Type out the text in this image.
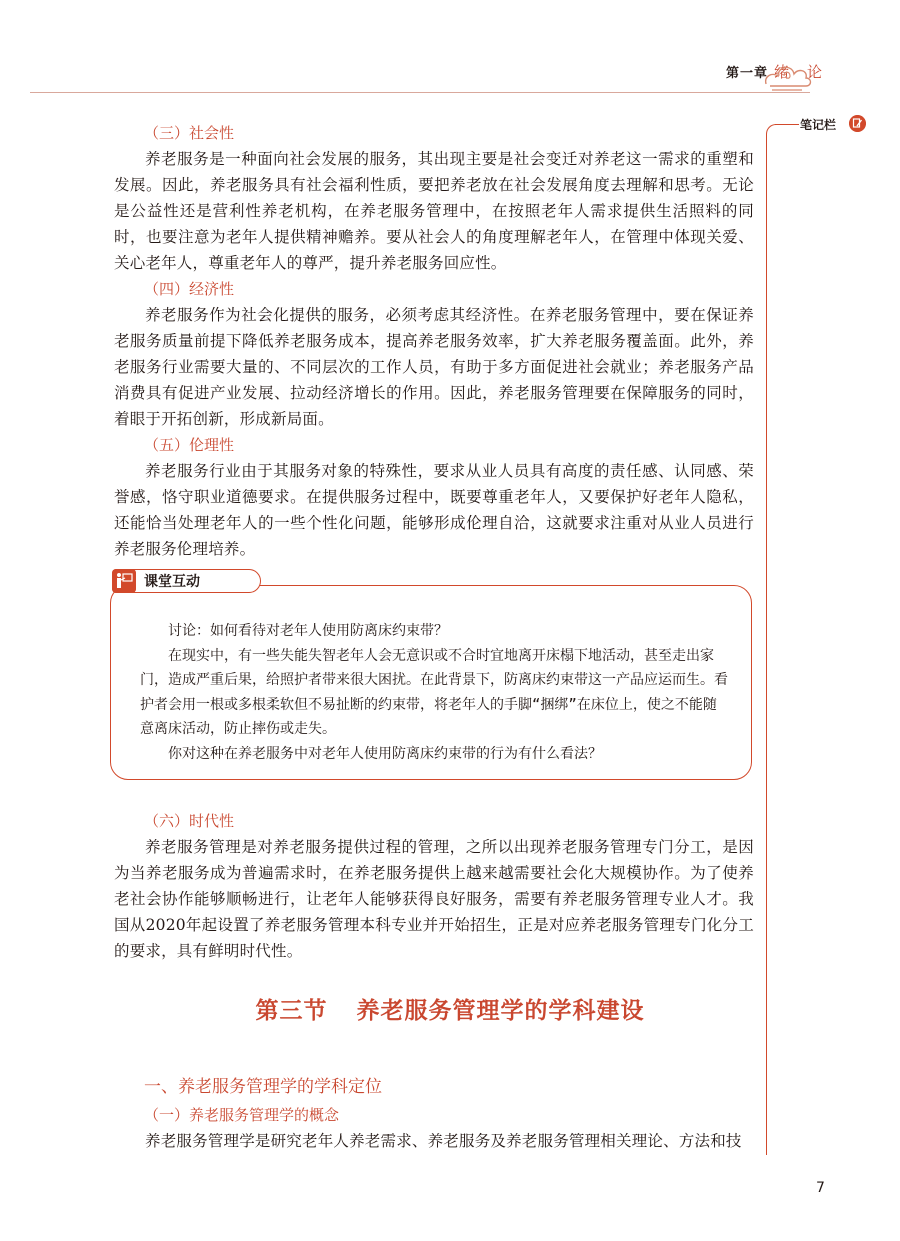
第一章 绪论
笔记栏

（三）社会性

养老服务是一种面向社会发展的服务，其出现主要是社会变迁对养老这一需求的重塑和发展。因此，养老服务具有社会福利性质，要把养老放在社会发展角度去理解和思考。无论是公益性还是营利性养老机构，在养老服务管理中，在按照老年人需求提供生活照料的同时，也要注意为老年人提供精神赡养。要从社会人的角度理解老年人，在管理中体现关爱、关心老年人，尊重老年人的尊严，提升养老服务回应性。

（四）经济性

养老服务作为社会化提供的服务，必须考虑其经济性。在养老服务管理中，要在保证养老服务质量前提下降低养老服务成本，提高养老服务效率，扩大养老服务覆盖面。此外，养老服务行业需要大量的、不同层次的工作人员，有助于多方面促进社会就业；养老服务产品消费具有促进产业发展、拉动经济增长的作用。因此，养老服务管理要在保障服务的同时，着眼于开拓创新，形成新局面。

（五）伦理性

养老服务行业由于其服务对象的特殊性，要求从业人员具有高度的责任感、认同感、荣誉感，恪守职业道德要求。在提供服务过程中，既要尊重老年人，又要保护好老年人隐私，还能恰当处理老年人的一些个性化问题，能够形成伦理自洽，这就要求注重对从业人员进行养老服务伦理培养。

课堂互动

讨论：如何看待对老年人使用防离床约束带？

在现实中，有一些失能失智老年人会无意识或不合时宜地离开床榻下地活动，甚至走出家门，造成严重后果，给照护者带来很大困扰。在此背景下，防离床约束带这一产品应运而生。看护者会用一根或多根柔软但不易扯断的约束带，将老年人的手脚“捆绑”在床位上，使之不能随意离床活动，防止摔伤或走失。

你对这种在养老服务中对老年人使用防离床约束带的行为有什么看法？

（六）时代性

养老服务管理是对养老服务提供过程的管理，之所以出现养老服务管理专门分工，是因为当养老服务成为普遍需求时，在养老服务提供上越来越需要社会化大规模协作。为了使养老社会协作能够顺畅进行，让老年人能够获得良好服务，需要有养老服务管理专业人才。我国从2020年起设置了养老服务管理本科专业并开始招生，正是对应养老服务管理专门化分工的要求，具有鲜明时代性。

第三节 养老服务管理学的学科建设
一、养老服务管理学的学科定位
（一）养老服务管理学的概念

养老服务管理学是研究老年人养老需求、养老服务及养老服务管理相关理论、方法和技

7
